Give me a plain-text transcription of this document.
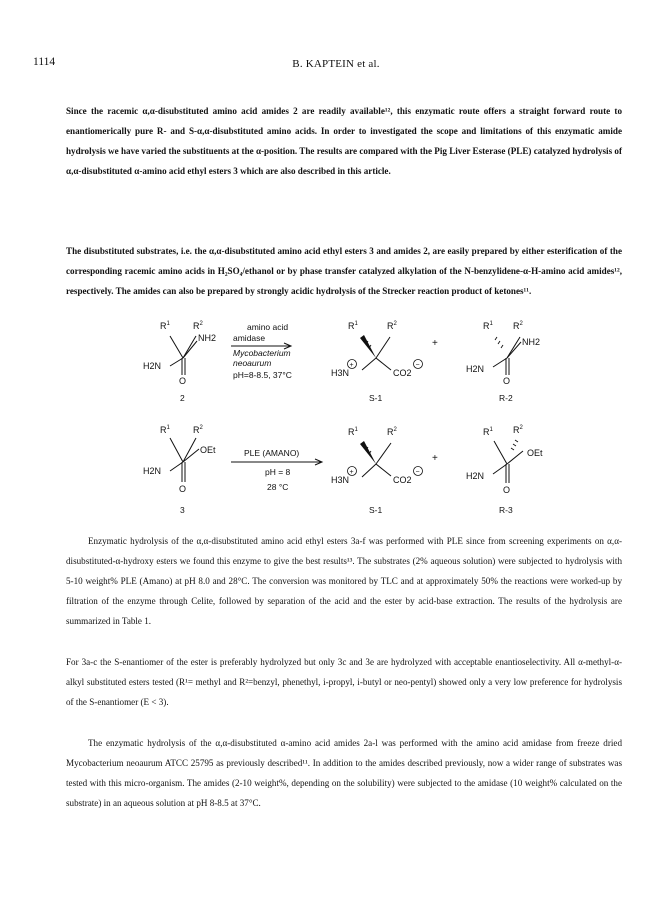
1114	B. KAPTEIN et al.
Since the racemic α,α-disubstituted amino acid amides 2 are readily available¹², this enzymatic route offers a straight forward route to enantiomerically pure R- and S-α,α-disubstituted amino acids. In order to investigated the scope and limitations of this enzymatic amide hydrolysis we have varied the substituents at the α-position. The results are compared with the Pig Liver Esterase (PLE) catalyzed hydrolysis of α,α-disubstituted α-amino acid ethyl esters 3 which are also described in this article.
The disubstituted substrates, i.e. the α,α-disubstituted amino acid ethyl esters 3 and amides 2, are easily prepared by either esterification of the corresponding racemic amino acids in H₂SO₄/ethanol or by phase transfer catalyzed alkylation of the N-benzylidene-α-H-amino acid amides¹², respectively. The amides can also be prepared by strongly acidic hydrolysis of the Strecker reaction product of ketones¹¹.
$R^1$	$R^2$
NH2
H2N
O
2
amino acid
amidase
Mycobacterium
neoaurum
pH=8-8.5, 37°C
$R^1$	$R^2$
H3N
+
CO2
−
S-1
+
$R^1$ $R^2$
NH2
H2N
O
R-2
$R^1$	$R^2$
OEt
H2N
O
3
PLE (AMANO)
pH = 8
28 °C
$R^1$	$R^2$
H3N
+
CO2
−
S-1
+
$R^1$ $R^2$
OEt
H2N
O
R-3
Enzymatic hydrolysis of the α,α-disubstituted amino acid ethyl esters 3a-f was performed with PLE since from screening experiments on α,α-disubstituted-α-hydroxy esters we found this enzyme to give the best results¹³. The substrates (2% aqueous solution) were subjected to hydrolysis with 5-10 weight% PLE (Amano) at pH 8.0 and 28°C. The conversion was monitored by TLC and at approximately 50% the reactions were worked-up by filtration of the enzyme through Celite, followed by separation of the acid and the ester by acid-base extraction. The results of the hydrolysis are summarized in Table 1.
For 3a-c the S-enantiomer of the ester is preferably hydrolyzed but only 3c and 3e are hydrolyzed with acceptable enantioselectivity. All α-methyl-α-alkyl substituted esters tested (R¹= methyl and R²=benzyl, phenethyl, i-propyl, i-butyl or neo-pentyl) showed only a very low preference for hydrolysis of the S-enantiomer (E < 3).
The enzymatic hydrolysis of the α,α-disubstituted α-amino acid amides 2a-l was performed with the amino acid amidase from freeze dried Mycobacterium neoaurum ATCC 25795 as previously described¹¹. In addition to the amides described previously, now a wider range of substrates was tested with this micro-organism. The amides (2-10 weight%, depending on the solubility) were subjected to the amidase (10 weight% calculated on the substrate) in an aqueous solution at pH 8-8.5 at 37°C.
